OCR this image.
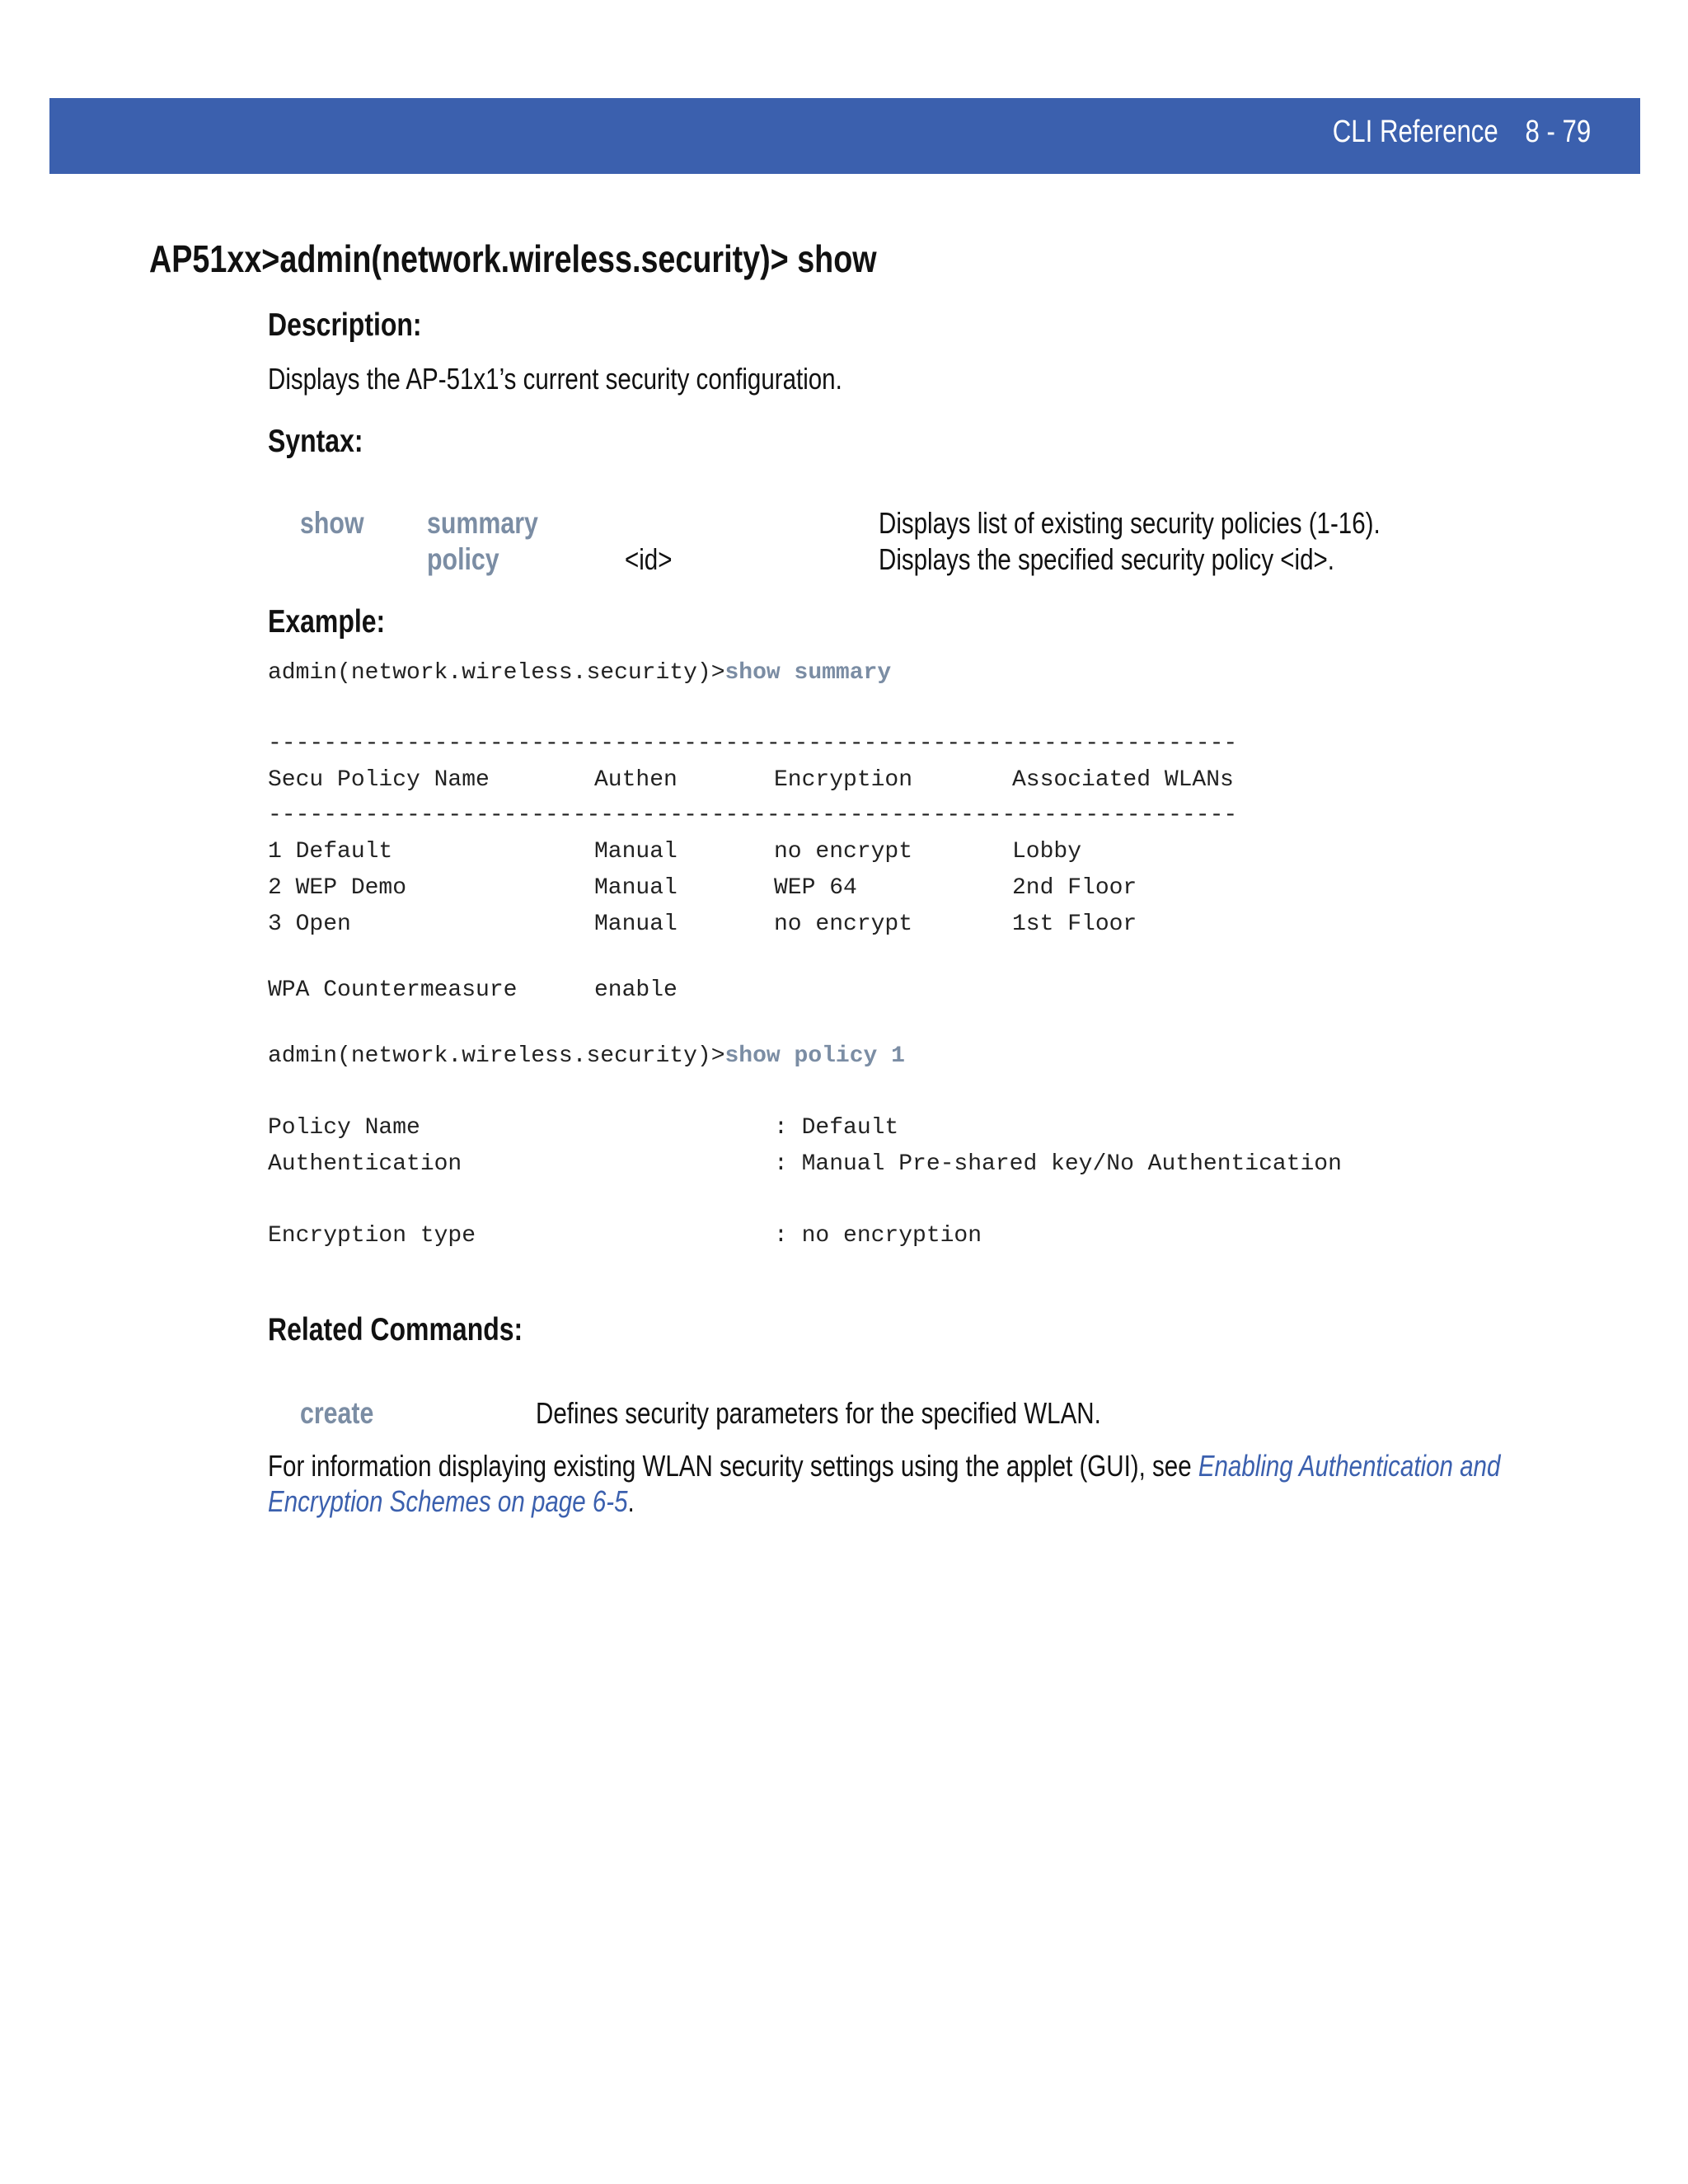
CLI Reference 8 - 79
AP51xx>admin(network.wireless.security)> show
Description:
Displays the AP-51x1’s current security configuration.
Syntax:
show summary	Displays list of existing security policies (1-16).
policy	<id>	Displays the specified security policy <id>.
Example:
admin(network.wireless.security)>show summary
----------------------------------------------------------------------
Secu Policy Name	Authen	Encryption	Associated WLANs
----------------------------------------------------------------------
1 Default	Manual	no encrypt	Lobby
2 WEP Demo	Manual	WEP 64	2nd Floor
3 Open	Manual	no encrypt	1st Floor
WPA Countermeasure	enable
admin(network.wireless.security)>show policy 1
Policy Name	: Default
Authentication	: Manual Pre-shared key/No Authentication
Encryption type	: no encryption
Related Commands:
create	Defines security parameters for the specified WLAN.
For information displaying existing WLAN security settings using the applet (GUI), see Enabling Authentication and
Encryption Schemes on page 6-5.
